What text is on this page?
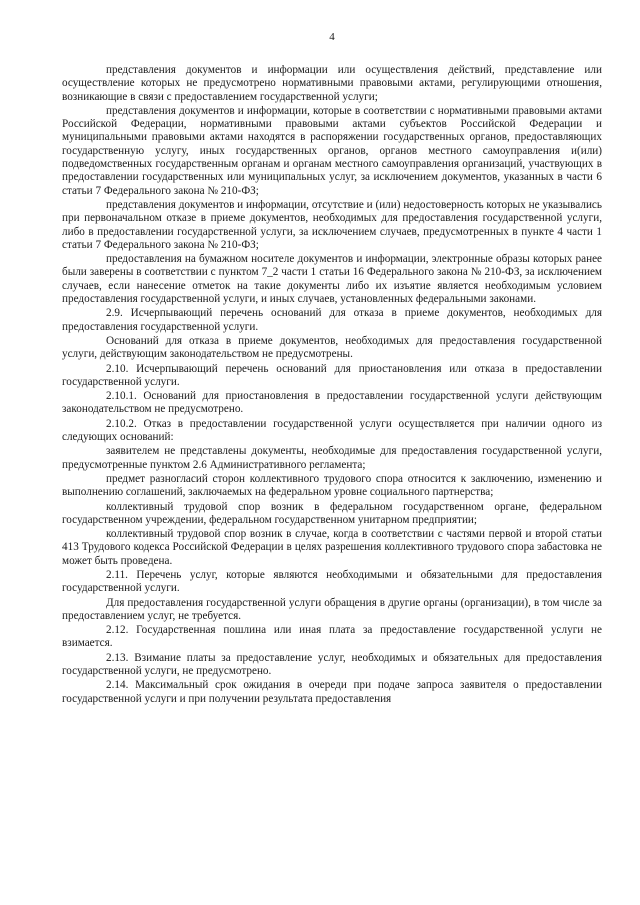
4

представления документов и информации или осуществления действий, представление или осуществление которых не предусмотрено нормативными правовыми актами, регулирующими отношения, возникающие в связи с предоставлением государственной услуги;

представления документов и информации, которые в соответствии с нормативными правовыми актами Российской Федерации, нормативными правовыми актами субъектов Российской Федерации и муниципальными правовыми актами находятся в распоряжении государственных органов, предоставляющих государственную услугу, иных государственных органов, органов местного самоуправления и(или) подведомственных государственным органам и органам местного самоуправления организаций, участвующих в предоставлении государственных или муниципальных услуг, за исключением документов, указанных в части 6 статьи 7 Федерального закона № 210-ФЗ;

представления документов и информации, отсутствие и (или) недостоверность которых не указывались при первоначальном отказе в приеме документов, необходимых для предоставления государственной услуги, либо в предоставлении государственной услуги, за исключением случаев, предусмотренных в пункте 4 части 1 статьи 7 Федерального закона № 210-ФЗ;

предоставления на бумажном носителе документов и информации, электронные образы которых ранее были заверены в соответствии с пунктом 7_2 части 1 статьи 16 Федерального закона № 210-ФЗ, за исключением случаев, если нанесение отметок на такие документы либо их изъятие является необходимым условием предоставления государственной услуги, и иных случаев, установленных федеральными законами.

2.9. Исчерпывающий перечень оснований для отказа в приеме документов, необходимых для предоставления государственной услуги.

Оснований для отказа в приеме документов, необходимых для предоставления государственной услуги, действующим законодательством не предусмотрены.

2.10. Исчерпывающий перечень оснований для приостановления или отказа в предоставлении государственной услуги.

2.10.1. Оснований для приостановления в предоставлении государственной услуги действующим законодательством не предусмотрено.

2.10.2. Отказ в предоставлении государственной услуги осуществляется при наличии одного из следующих оснований:

заявителем не представлены документы, необходимые для предоставления государственной услуги, предусмотренные пунктом 2.6 Административного регламента;

предмет разногласий сторон коллективного трудового спора относится к заключению, изменению и выполнению соглашений, заключаемых на федеральном уровне социального партнерства;

коллективный трудовой спор возник в федеральном государственном органе, федеральном государственном учреждении, федеральном государственном унитарном предприятии;

коллективный трудовой спор возник в случае, когда в соответствии с частями первой и второй статьи 413 Трудового кодекса Российской Федерации в целях разрешения коллективного трудового спора забастовка не может быть проведена.

2.11. Перечень услуг, которые являются необходимыми и обязательными для предоставления государственной услуги.

Для предоставления государственной услуги обращения в другие органы (организации), в том числе за предоставлением услуг, не требуется.

2.12. Государственная пошлина или иная плата за предоставление государственной услуги не взимается.

2.13. Взимание платы за предоставление услуг, необходимых и обязательных для предоставления государственной услуги, не предусмотрено.

2.14. Максимальный срок ожидания в очереди при подаче запроса заявителя о предоставлении государственной услуги и при получении результата предоставления
